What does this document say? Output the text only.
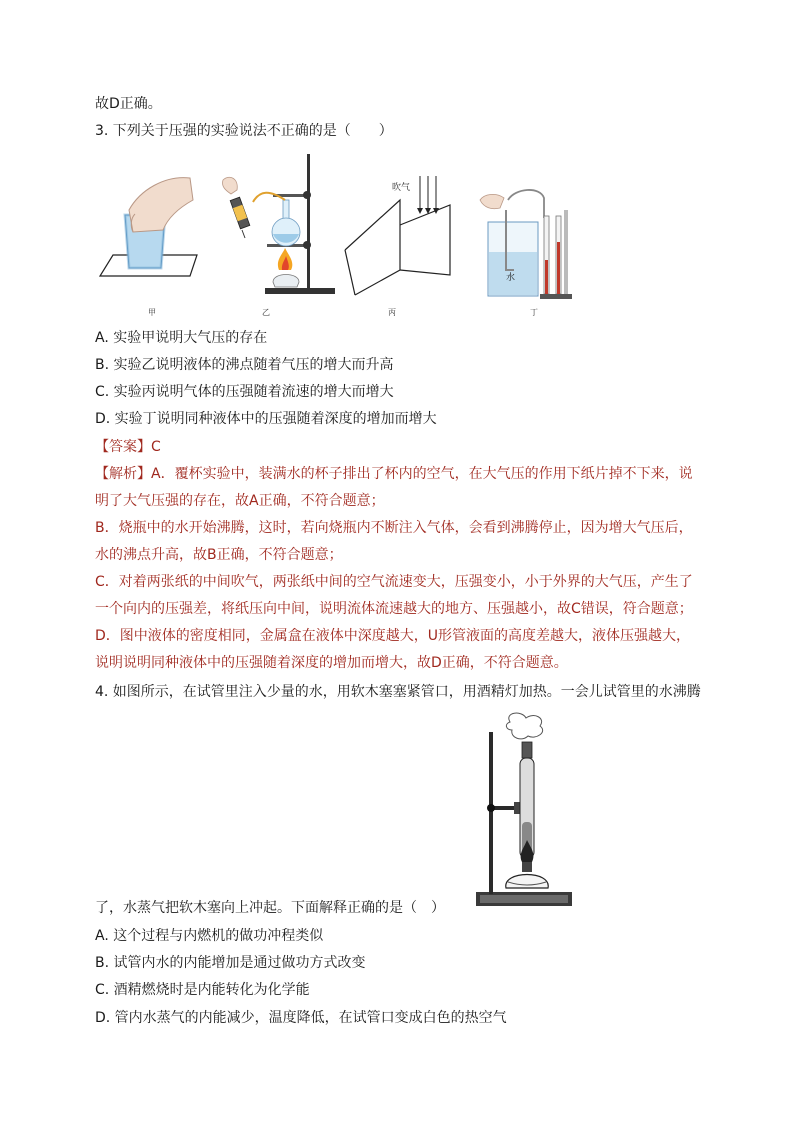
故D正确。
3. 下列关于压强的实验说法不正确的是（　　）
吹气
水
甲	乙	丙	丁
A. 实验甲说明大气压的存在
B. 实验乙说明液体的沸点随着气压的增大而升高
C. 实验丙说明气体的压强随着流速的增大而增大
D. 实验丁说明同种液体中的压强随着深度的增加而增大
【答案】C
【解析】A．覆杯实验中，装满水的杯子排出了杯内的空气，在大气压的作用下纸片掉不下来，说
明了大气压强的存在，故A正确，不符合题意；
B．烧瓶中的水开始沸腾，这时，若向烧瓶内不断注入气体，会看到沸腾停止，因为增大气压后，
水的沸点升高，故B正确，不符合题意；
C．对着两张纸的中间吹气，两张纸中间的空气流速变大，压强变小，小于外界的大气压，产生了
一个向内的压强差，将纸压向中间，说明流体流速越大的地方、压强越小，故C错误，符合题意；
D．图中液体的密度相同，金属盒在液体中深度越大，U形管液面的高度差越大，液体压强越大，
说明说明同种液体中的压强随着深度的增加而增大，故D正确，不符合题意。
4. 如图所示，在试管里注入少量的水，用软木塞塞紧管口，用酒精灯加热。一会儿试管里的水沸腾
了，水蒸气把软木塞向上冲起。下面解释正确的是（　）
A. 这个过程与内燃机的做功冲程类似
B. 试管内水的内能增加是通过做功方式改变
C. 酒精燃烧时是内能转化为化学能
D. 管内水蒸气的内能减少，温度降低，在试管口变成白色的热空气
